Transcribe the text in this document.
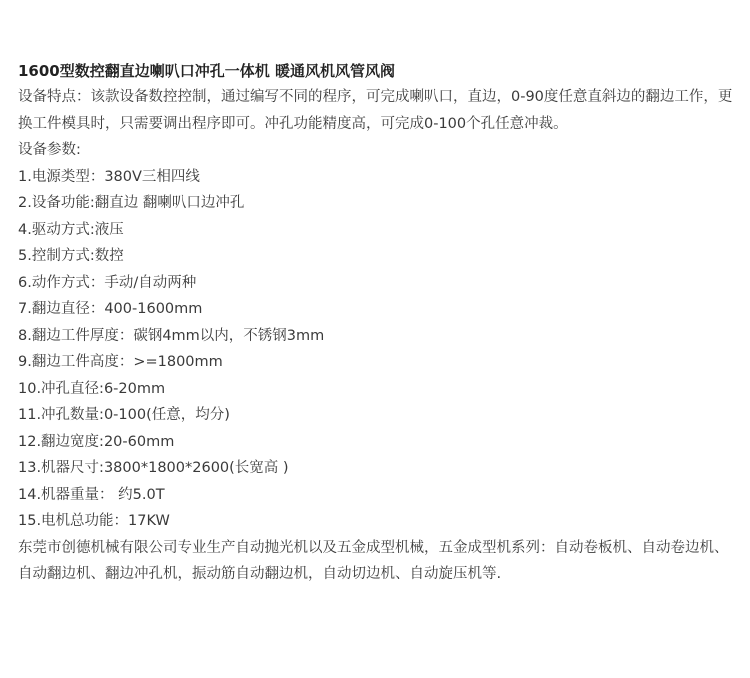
1600型数控翻直边喇叭口冲孔一体机 暖通风机风管风阀
设备特点：该款设备数控控制，通过编写不同的程序，可完成喇叭口，直边，0-90度任意直斜边的翻边工作，更换工件模具时，只需要调出程序即可。冲孔功能精度高，可完成0-100个孔任意冲裁。
设备参数:
1.电源类型：380V三相四线
2.设备功能:翻直边 翻喇叭口边冲孔
4.驱动方式:液压
5.控制方式:数控
6.动作方式：手动/自动两种
7.翻边直径：400-1600mm
8.翻边工件厚度：碳钢4mm以内，不锈钢3mm
9.翻边工件高度：>=1800mm
10.冲孔直径:6-20mm
11.冲孔数量:0-100(任意，均分)
12.翻边宽度:20-60mm
13.机器尺寸:3800*1800*2600(长宽高 )
14.机器重量： 约5.0T
15.电机总功能：17KW
东莞市创德机械有限公司专业生产自动抛光机以及五金成型机械，五金成型机系列：自动卷板机、自动卷边机、自动翻边机、翻边冲孔机，振动筋自动翻边机，自动切边机、自动旋压机等.
